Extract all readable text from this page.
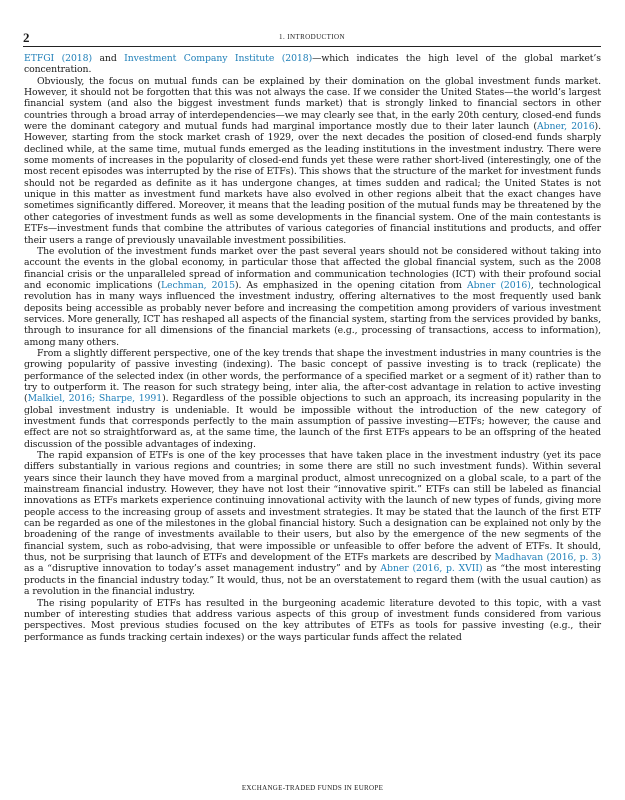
2	1. INTRODUCTION

ETFGI (2018) and Investment Company Institute (2018)—which indicates the high level of the global market’s concentration.

Obviously, the focus on mutual funds can be explained by their domination on the global investment funds market. However, it should not be forgotten that this was not always the case. If we consider the United States—the world’s largest financial system (and also the biggest investment funds market) that is strongly linked to financial sectors in other countries through a broad array of interdependencies—we may clearly see that, in the early 20th century, closed-end funds were the dominant category and mutual funds had marginal importance mostly due to their later launch (Abner, 2016). However, starting from the stock market crash of 1929, over the next decades the position of closed-end funds sharply declined while, at the same time, mutual funds emerged as the leading institutions in the investment industry. There were some moments of increases in the popularity of closed-end funds yet these were rather short-lived (interestingly, one of the most recent episodes was interrupted by the rise of ETFs). This shows that the structure of the market for investment funds should not be regarded as definite as it has undergone changes, at times sudden and radical; the United States is not unique in this matter as investment fund markets have also evolved in other regions albeit that the exact changes have sometimes significantly differed. Moreover, it means that the leading position of the mutual funds may be threatened by the other categories of investment funds as well as some developments in the financial system. One of the main contestants is ETFs—investment funds that combine the attributes of various categories of financial institutions and products, and offer their users a range of previously unavailable investment possibilities.

The evolution of the investment funds market over the past several years should not be considered without taking into account the events in the global economy, in particular those that affected the global financial system, such as the 2008 financial crisis or the unparalleled spread of information and communication technologies (ICT) with their profound social and economic implications (Lechman, 2015). As emphasized in the opening citation from Abner (2016), technological revolution has in many ways influenced the investment industry, offering alternatives to the most frequently used bank deposits being accessible as probably never before and increasing the competition among providers of various investment services. More generally, ICT has reshaped all aspects of the financial system, starting from the services provided by banks, through to insurance for all dimensions of the financial markets (e.g., processing of transactions, access to information), among many others.

From a slightly different perspective, one of the key trends that shape the investment industries in many countries is the growing popularity of passive investing (indexing). The basic concept of passive investing is to track (replicate) the performance of the selected index (in other words, the performance of a specified market or a segment of it) rather than to try to outperform it. The reason for such strategy being, inter alia, the after-cost advantage in relation to active investing (Malkiel, 2016; Sharpe, 1991). Regardless of the possible objections to such an approach, its increasing popularity in the global investment industry is undeniable. It would be impossible without the introduction of the new category of investment funds that corresponds perfectly to the main assumption of passive investing—ETFs; however, the cause and effect are not so straightforward as, at the same time, the launch of the first ETFs appears to be an offspring of the heated discussion of the possible advantages of indexing.

The rapid expansion of ETFs is one of the key processes that have taken place in the investment industry (yet its pace differs substantially in various regions and countries; in some there are still no such investment funds). Within several years since their launch they have moved from a marginal product, almost unrecognized on a global scale, to a part of the mainstream financial industry. However, they have not lost their “innovative spirit.” ETFs can still be labeled as financial innovations as ETFs markets experience continuing innovational activity with the launch of new types of funds, giving more people access to the increasing group of assets and investment strategies. It may be stated that the launch of the first ETF can be regarded as one of the milestones in the global financial history. Such a designation can be explained not only by the broadening of the range of investments available to their users, but also by the emergence of the new segments of the financial system, such as robo-advising, that were impossible or unfeasible to offer before the advent of ETFs. It should, thus, not be surprising that launch of ETFs and development of the ETFs markets are described by Madhavan (2016, p. 3) as a “disruptive innovation to today’s asset management industry” and by Abner (2016, p. XVII) as “the most interesting products in the financial industry today.” It would, thus, not be an overstatement to regard them (with the usual caution) as a revolution in the financial industry.

The rising popularity of ETFs has resulted in the burgeoning academic literature devoted to this topic, with a vast number of interesting studies that address various aspects of this group of investment funds considered from various perspectives. Most previous studies focused on the key attributes of ETFs as tools for passive investing (e.g., their performance as funds tracking certain indexes) or the ways particular funds affect the related

EXCHANGE-TRADED FUNDS IN EUROPE
